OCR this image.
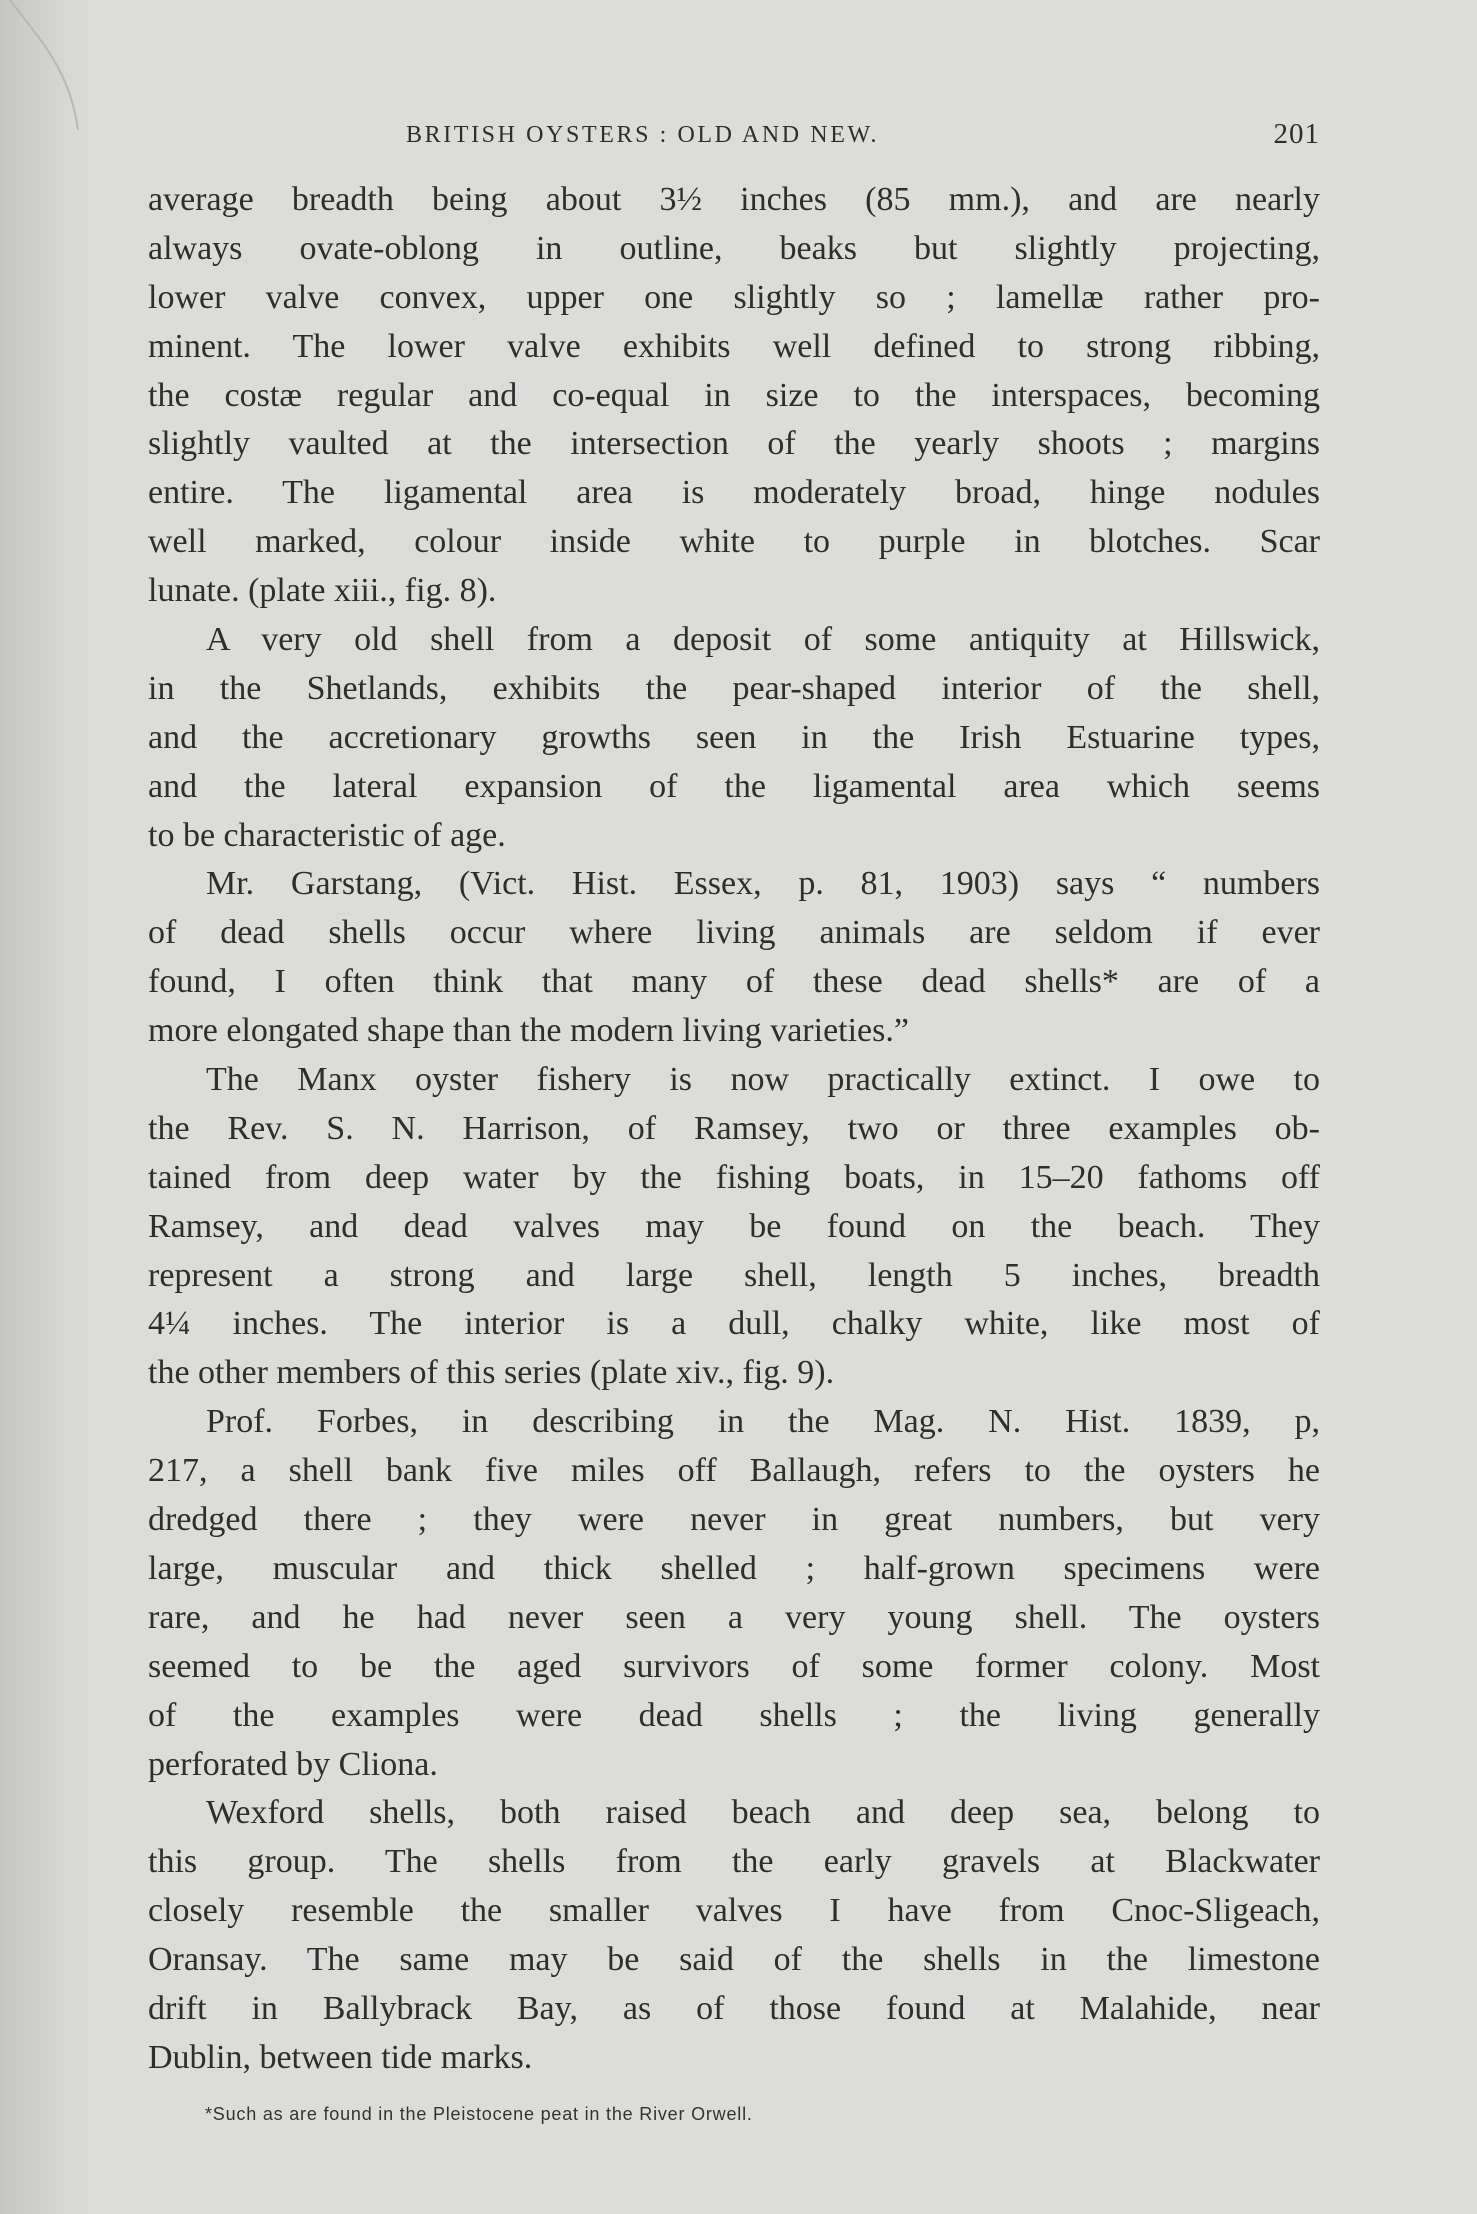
BRITISH OYSTERS : OLD AND NEW.	201
average breadth being about 3½ inches (85 mm.), and are nearly
always ovate-oblong in outline, beaks but slightly projecting,
lower valve convex, upper one slightly so ; lamellæ rather pro-
minent. The lower valve exhibits well defined to strong ribbing,
the costæ regular and co-equal in size to the interspaces, becoming
slightly vaulted at the intersection of the yearly shoots ; margins
entire. The ligamental area is moderately broad, hinge nodules
well marked, colour inside white to purple in blotches. Scar
lunate. (plate xiii., fig. 8).
A very old shell from a deposit of some antiquity at Hillswick,
in the Shetlands, exhibits the pear-shaped interior of the shell,
and the accretionary growths seen in the Irish Estuarine types,
and the lateral expansion of the ligamental area which seems
to be characteristic of age.
Mr. Garstang, (Vict. Hist. Essex, p. 81, 1903) says “ numbers
of dead shells occur where living animals are seldom if ever
found, I often think that many of these dead shells* are of a
more elongated shape than the modern living varieties.”
The Manx oyster fishery is now practically extinct. I owe to
the Rev. S. N. Harrison, of Ramsey, two or three examples ob-
tained from deep water by the fishing boats, in 15–20 fathoms off
Ramsey, and dead valves may be found on the beach. They
represent a strong and large shell, length 5 inches, breadth
4¼ inches. The interior is a dull, chalky white, like most of
the other members of this series (plate xiv., fig. 9).
Prof. Forbes, in describing in the Mag. N. Hist. 1839, p,
217, a shell bank five miles off Ballaugh, refers to the oysters he
dredged there ; they were never in great numbers, but very
large, muscular and thick shelled ; half-grown specimens were
rare, and he had never seen a very young shell. The oysters
seemed to be the aged survivors of some former colony. Most
of the examples were dead shells ; the living generally
perforated by Cliona.
Wexford shells, both raised beach and deep sea, belong to
this group. The shells from the early gravels at Blackwater
closely resemble the smaller valves I have from Cnoc-Sligeach,
Oransay. The same may be said of the shells in the limestone
drift in Ballybrack Bay, as of those found at Malahide, near
Dublin, between tide marks.
*Such as are found in the Pleistocene peat in the River Orwell.
